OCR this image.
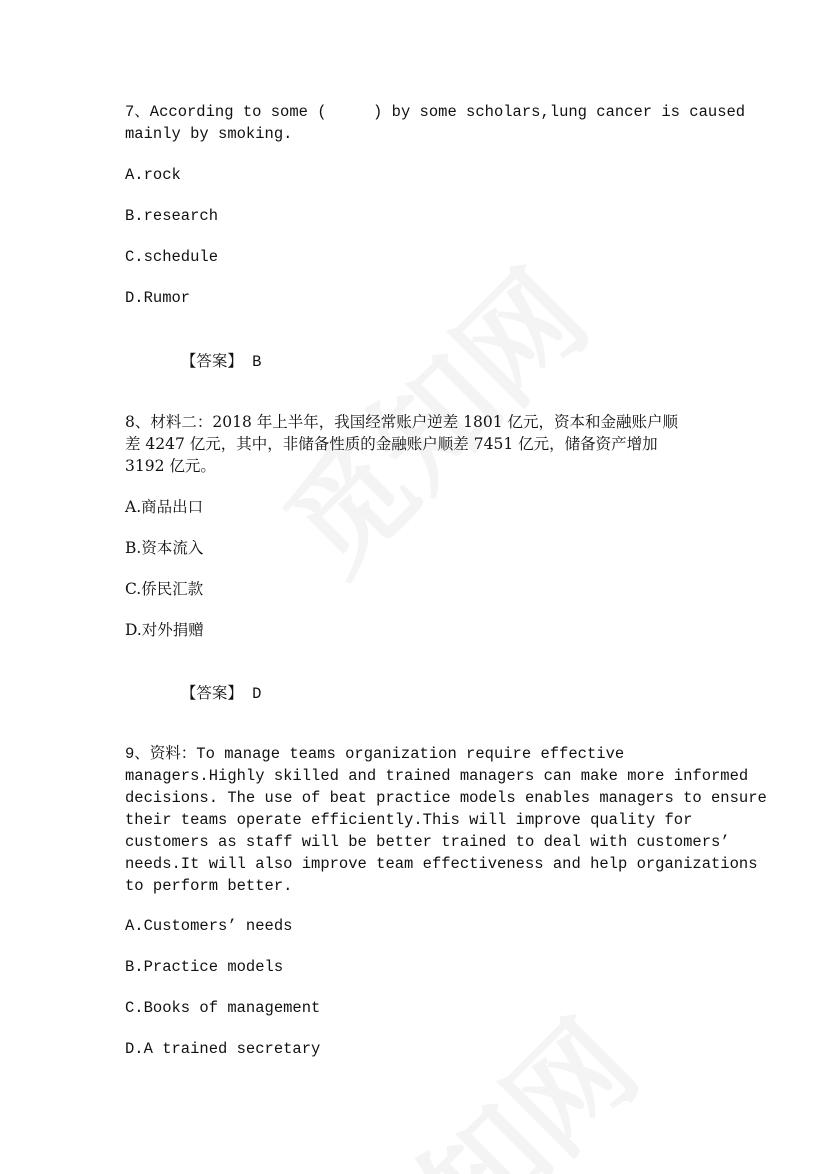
7、According to some (     ) by some scholars,lung cancer is caused
mainly by smoking.
A.rock
B.research
C.schedule
D.Rumor

【答案】 B

8、材料二：2018 年上半年，我国经常账户逆差 1801 亿元，资本和金融账户顺
差 4247 亿元，其中，非储备性质的金融账户顺差 7451 亿元，储备资产增加
3192 亿元。
A.商品出口
B.资本流入
C.侨民汇款
D.对外捐赠

【答案】 D

9、资料：To manage teams organization require effective
managers.Highly skilled and trained managers can make more informed
decisions. The use of beat practice models enables managers to ensure
their teams operate efficiently.This will improve quality for
customers as staff will be better trained to deal with customers’
needs.It will also improve team effectiveness and help organizations
to perform better.
A.Customers’ needs
B.Practice models
C.Books of management
D.A trained secretary
